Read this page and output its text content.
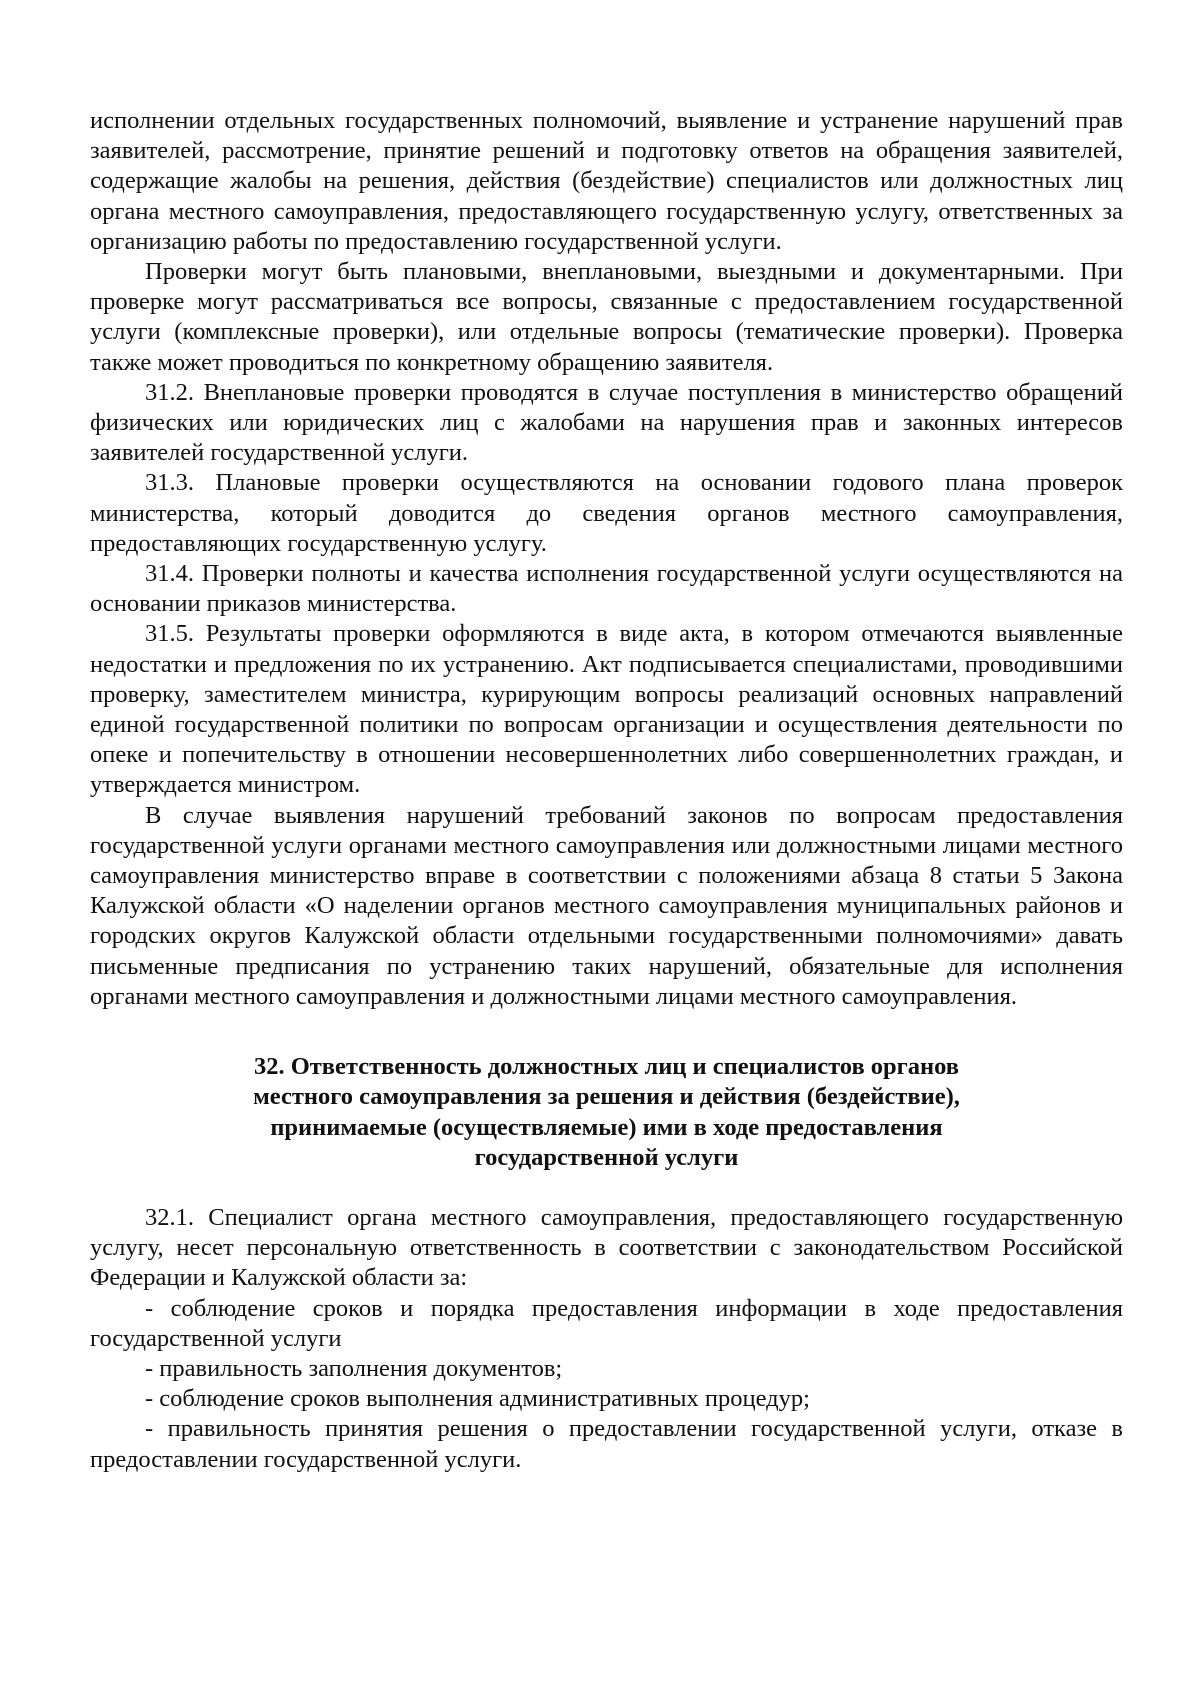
исполнении отдельных государственных полномочий, выявление и устранение нарушений прав заявителей, рассмотрение, принятие решений и подготовку ответов на обращения заявителей, содержащие жалобы на решения, действия (бездействие) специалистов или должностных лиц органа местного самоуправления, предоставляющего государственную услугу, ответственных за организацию работы по предоставлению государственной услуги.

Проверки могут быть плановыми, внеплановыми, выездными и документарными. При проверке могут рассматриваться все вопросы, связанные с предоставлением государственной услуги (комплексные проверки), или отдельные вопросы (тематические проверки). Проверка также может проводиться по конкретному обращению заявителя.

31.2. Внеплановые проверки проводятся в случае поступления в министерство обращений физических или юридических лиц с жалобами на нарушения прав и законных интересов заявителей государственной услуги.

31.3. Плановые проверки осуществляются на основании годового плана проверок министерства, который доводится до сведения органов местного самоуправления, предоставляющих государственную услугу.

31.4. Проверки полноты и качества исполнения государственной услуги осуществляются на основании приказов министерства.

31.5. Результаты проверки оформляются в виде акта, в котором отмечаются выявленные недостатки и предложения по их устранению. Акт подписывается специалистами, проводившими проверку, заместителем министра, курирующим вопросы реализаций основных направлений единой государственной политики по вопросам организации и осуществления деятельности по опеке и попечительству в отношении несовершеннолетних либо совершеннолетних граждан, и утверждается министром.

В случае выявления нарушений требований законов по вопросам предоставления государственной услуги органами местного самоуправления или должностными лицами местного самоуправления министерство вправе в соответствии с положениями абзаца 8 статьи 5 Закона Калужской области «О наделении органов местного самоуправления муниципальных районов и городских округов Калужской области отдельными государственными полномочиями» давать письменные предписания по устранению таких нарушений, обязательные для исполнения органами местного самоуправления и должностными лицами местного самоуправления.

32. Ответственность должностных лиц и специалистов органов
местного самоуправления за решения и действия (бездействие),
принимаемые (осуществляемые) ими в ходе предоставления
государственной услуги

32.1. Специалист органа местного самоуправления, предоставляющего государственную услугу, несет персональную ответственность в соответствии с законодательством Российской Федерации и Калужской области за:

- соблюдение сроков и порядка предоставления информации в ходе предоставления государственной услуги

- правильность заполнения документов;

- соблюдение сроков выполнения административных процедур;

- правильность принятия решения о предоставлении государственной услуги, отказе в предоставлении государственной услуги.
